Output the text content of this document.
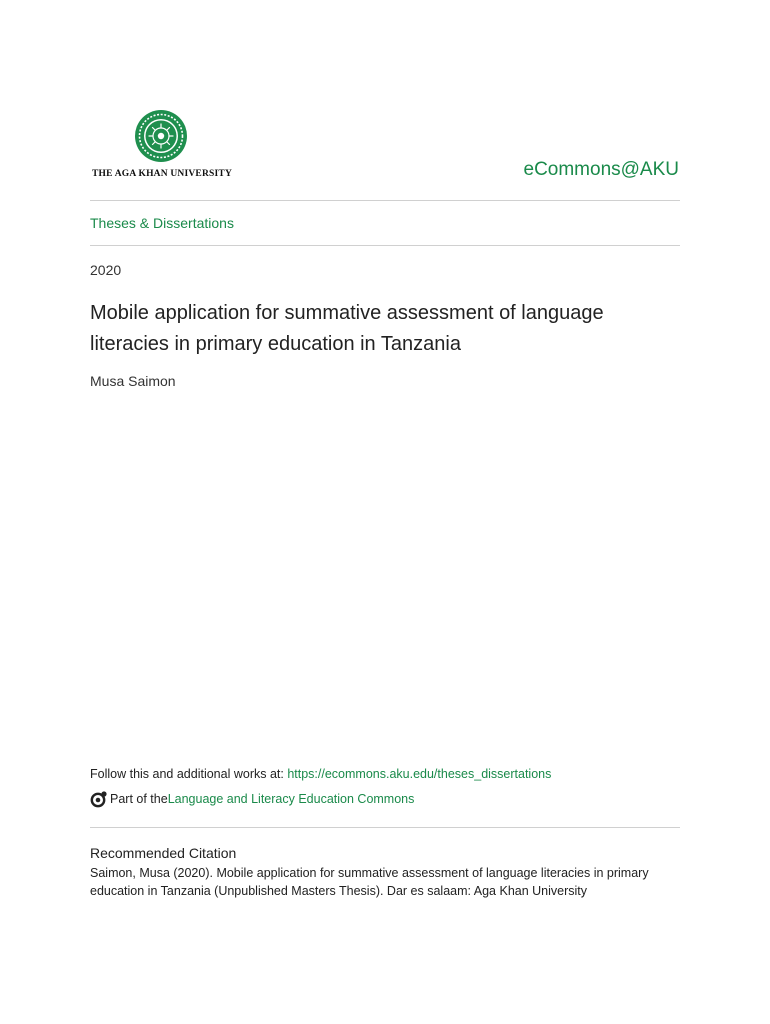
THE AGA KHAN UNIVERSITY	eCommons@AKU
Theses & Dissertations
2020
Mobile application for summative assessment of language literacies in primary education in Tanzania
Musa Saimon
Follow this and additional works at: https://ecommons.aku.edu/theses_dissertations
Part of the Language and Literacy Education Commons
Recommended Citation
Saimon, Musa (2020). Mobile application for summative assessment of language literacies in primary education in Tanzania (Unpublished Masters Thesis). Dar es salaam: Aga Khan University
